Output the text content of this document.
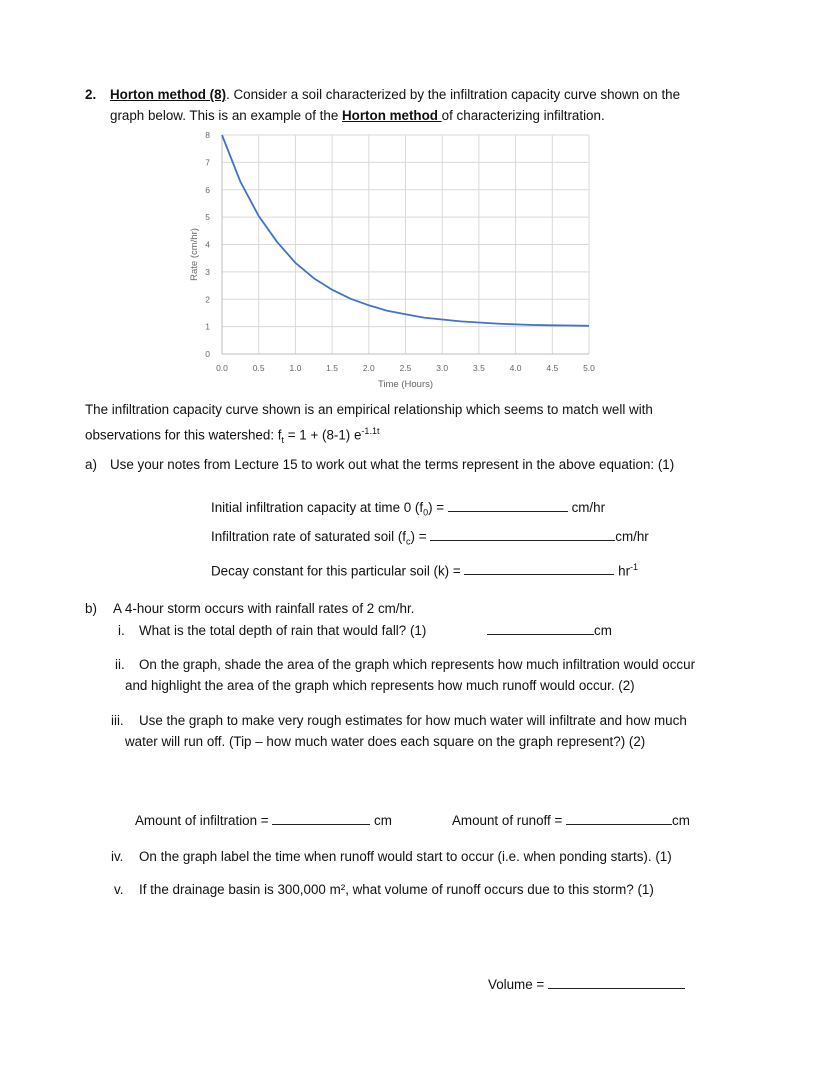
2. Horton method (8). Consider a soil characterized by the infiltration capacity curve shown on the
graph below. This is an example of the Horton method of characterizing infiltration.
0
1
2
3
4
5
6
7
8
0.0	0.5	1.0	1.5	2.0	2.5	3.0	3.5	4.0	4.5	5.0
Time (Hours)
Rate (cm/hr)
The infiltration capacity curve shown is an empirical relationship which seems to match well with
observations for this watershed: $f_t = 1 + (8-1)$ $e^{-1.1t}$
a) Use your notes from Lecture 15 to work out what the terms represent in the above equation: (1)
Initial infiltration capacity at time 0 $(f_0)$ =	cm/hr
Infiltration rate of saturated soil $(f_c)$ =	cm/hr
Decay constant for this particular soil (k) =	$hr^{-1}$
b) A 4-hour storm occurs with rainfall rates of 2 cm/hr.
i. What is the total depth of rain that would fall? (1)	cm
ii. On the graph, shade the area of the graph which represents how much infiltration would occur
and highlight the area of the graph which represents how much runoff would occur. (2)
iii. Use the graph to make very rough estimates for how much water will infiltrate and how much
water will run off. (Tip – how much water does each square on the graph represent?) (2)
Amount of infiltration =	cm	Amount of runoff =	cm
iv. On the graph label the time when runoff would start to occur (i.e. when ponding starts). (1)
v. If the drainage basin is 300,000 m², what volume of runoff occurs due to this storm? (1)
Volume =
